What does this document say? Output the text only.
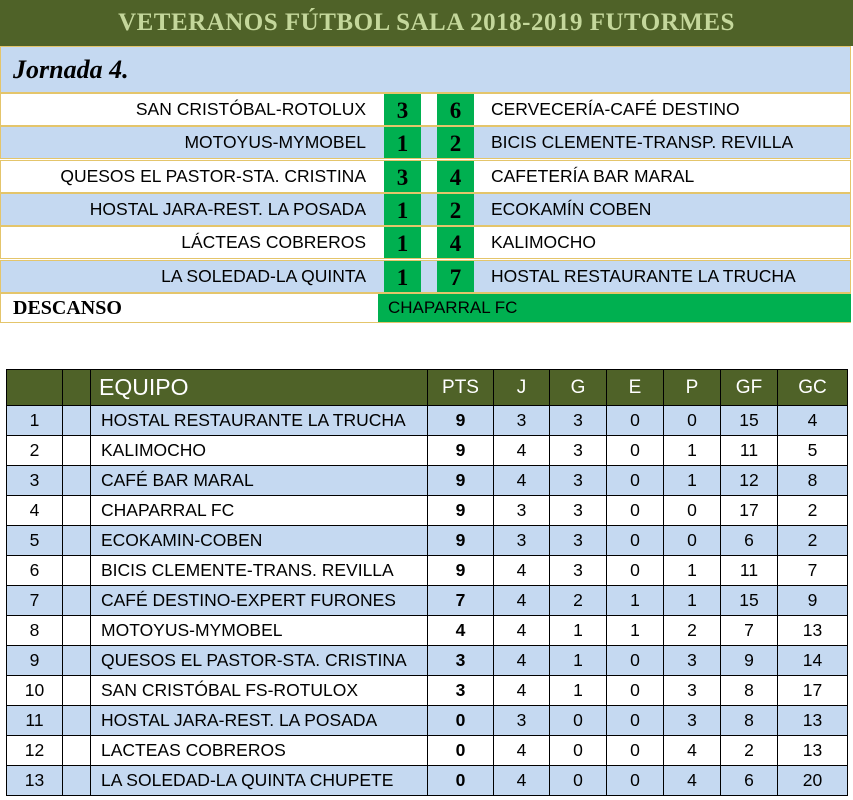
VETERANOS FÚTBOL SALA 2018-2019 FUTORMES
Jornada 4.
SAN CRISTÓBAL-ROTOLUX	3	6	CERVECERÍA-CAFÉ DESTINO
MOTOYUS-MYMOBEL	1	2	BICIS CLEMENTE-TRANSP. REVILLA
QUESOS EL PASTOR-STA. CRISTINA	3	4	CAFETERÍA BAR MARAL
HOSTAL JARA-REST. LA POSADA	1	2	ECOKAMÍN COBEN
LÁCTEAS COBREROS	1	4	KALIMOCHO
LA SOLEDAD-LA QUINTA	1	7	HOSTAL RESTAURANTE LA TRUCHA
DESCANSO	CHAPARRAL FC
		EQUIPO	PTS	J	G	E	P	GF	GC
1		HOSTAL RESTAURANTE LA TRUCHA	9	3	3	0	0	15	4
2		KALIMOCHO	9	4	3	0	1	11	5
3		CAFÉ BAR MARAL	9	4	3	0	1	12	8
4		CHAPARRAL FC	9	3	3	0	0	17	2
5		ECOKAMIN-COBEN	9	3	3	0	0	6	2
6		BICIS CLEMENTE-TRANS. REVILLA	9	4	3	0	1	11	7
7		CAFÉ DESTINO-EXPERT FURONES	7	4	2	1	1	15	9
8		MOTOYUS-MYMOBEL	4	4	1	1	2	7	13
9		QUESOS EL PASTOR-STA. CRISTINA	3	4	1	0	3	9	14
10		SAN CRISTÓBAL FS-ROTULOX	3	4	1	0	3	8	17
11		HOSTAL JARA-REST. LA POSADA	0	3	0	0	3	8	13
12		LACTEAS COBREROS	0	4	0	0	4	2	13
13		LA SOLEDAD-LA QUINTA CHUPETE	0	4	0	0	4	6	20
